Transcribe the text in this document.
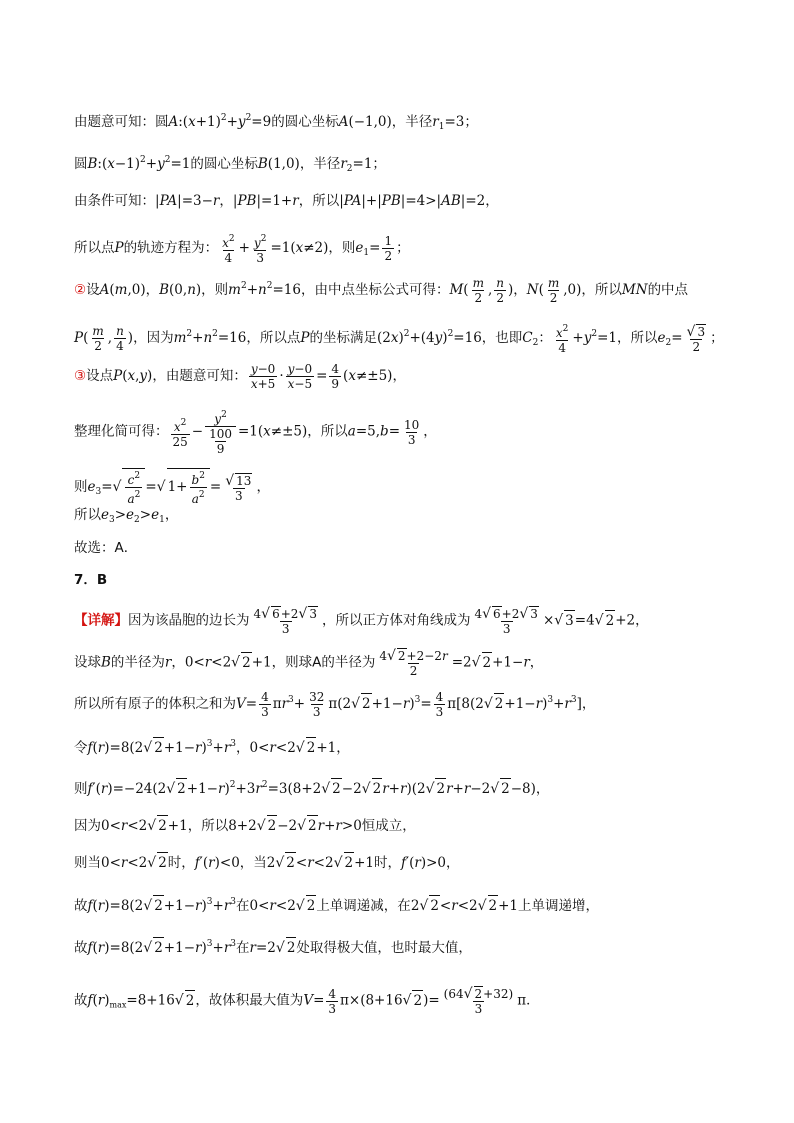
由题意可知：圆$A:(x+1)^2+y^2=9$的圆心坐标A(−1,0)，半径$r_1=3$；
圆$B:(x-1)^2+y^2=1$的圆心坐标B(1,0)，半径$r_2=1$；
由条件可知：|PA|=3−r，|PB|=1+r，所以|PA|+|PB|=4>|AB|=2，
所以点P的轨迹方程为： $\frac{x^2}{4} + \frac{y^2}{3} =1(x\ne 2)$，则$e_1= \frac{1}{2}$ ；
②设A(m,0)，B(0,n)，则$m^2+n^2=16$，由中点坐标公式可得：$M( \frac{m}{2}$ , $\frac{n}{2}$ )，$N( \frac{m}{2} ,0)$，所以MN的中点
$P( \frac{m}{2}$ , $\frac{n}{4}$ )，因为$m^2+n^2=16$，所以点P的坐标满足$(2x)^2+(4y)^2=16$，也即$C_2$： $\frac{x^2}{4} +y^2=1$，所以$e_2= \frac{√ 3}{2}$ ；
③设点P(x,y)，由题意可知： $\frac{y-0}{x+5} \cdot \frac{y-0}{x-5} = \frac{4}{9} (x\ne\pm 5)$，
整理化简可得： $\frac{x^2}{25} - \frac{y^2}{\frac{100}{9}} =1(x\ne\pm 5)$，所以$a=5,b= \frac{10}{3}$ ，
则$e_3=√ \frac{c^2}{a^2}$ =√ $1+ \frac{b^2}{a^2} = \frac{√ 13}{3}$ ，
所以$e_3>e_2>e_1$，
故选：A．
7．B
【详解】因为该晶胞的边长为 $\frac{4√ 6+2√ 3}{3}$ ，所以正方体对角线成为 $\frac{4√ 6+2√ 3}{3}$ ×√ 3=4√ 2+2，
设球B的半径为r，0<r<2√ 2+1，则球A的半径为 $\frac{4√ 2+2-2r}{2} =2√$ 2+1−r，
所以所有原子的体积之和为$V= \frac{4}{3} \pi r^3+ \frac{32}{3} \pi(2√$ $2+1-r)^3= \frac{4}{3} \pi[8(2√$ $2+1-r)^3+r^3$]，
令f(r)=8(2√ $2+1-r)^3+r^3$，0<r<2√ 2+1，
则f′(r)=−24(2√ $2+1-r)^2+3r^2=3(8+2√$ 2−2√ 2r+r)(2√ 2r+r−2√ 2−8)，
因为0<r<2√ 2+1，所以8+2√ 2−2√ 2r+r>0恒成立，
则当0<r<2√ 2时，f′(r)<0，当2√ 2<r<2√ 2+1时，f′(r)>0，
故f(r)=8(2√ $2+1-r)^3+r^3$在0<r<2√ 2上单调递减，在2√ 2<r<2√ 2+1上单调递增，
故f(r)=8(2√ $2+1-r)^3+r^3$在r=2√ 2处取得极大值，也时最大值，
故$f(r)_{max}=8+16√$ 2，故体积最大值为$V= \frac{4}{3} \pi\times(8+16√$ $2)= \frac{(64√ 2+32)}{3}$ π．
